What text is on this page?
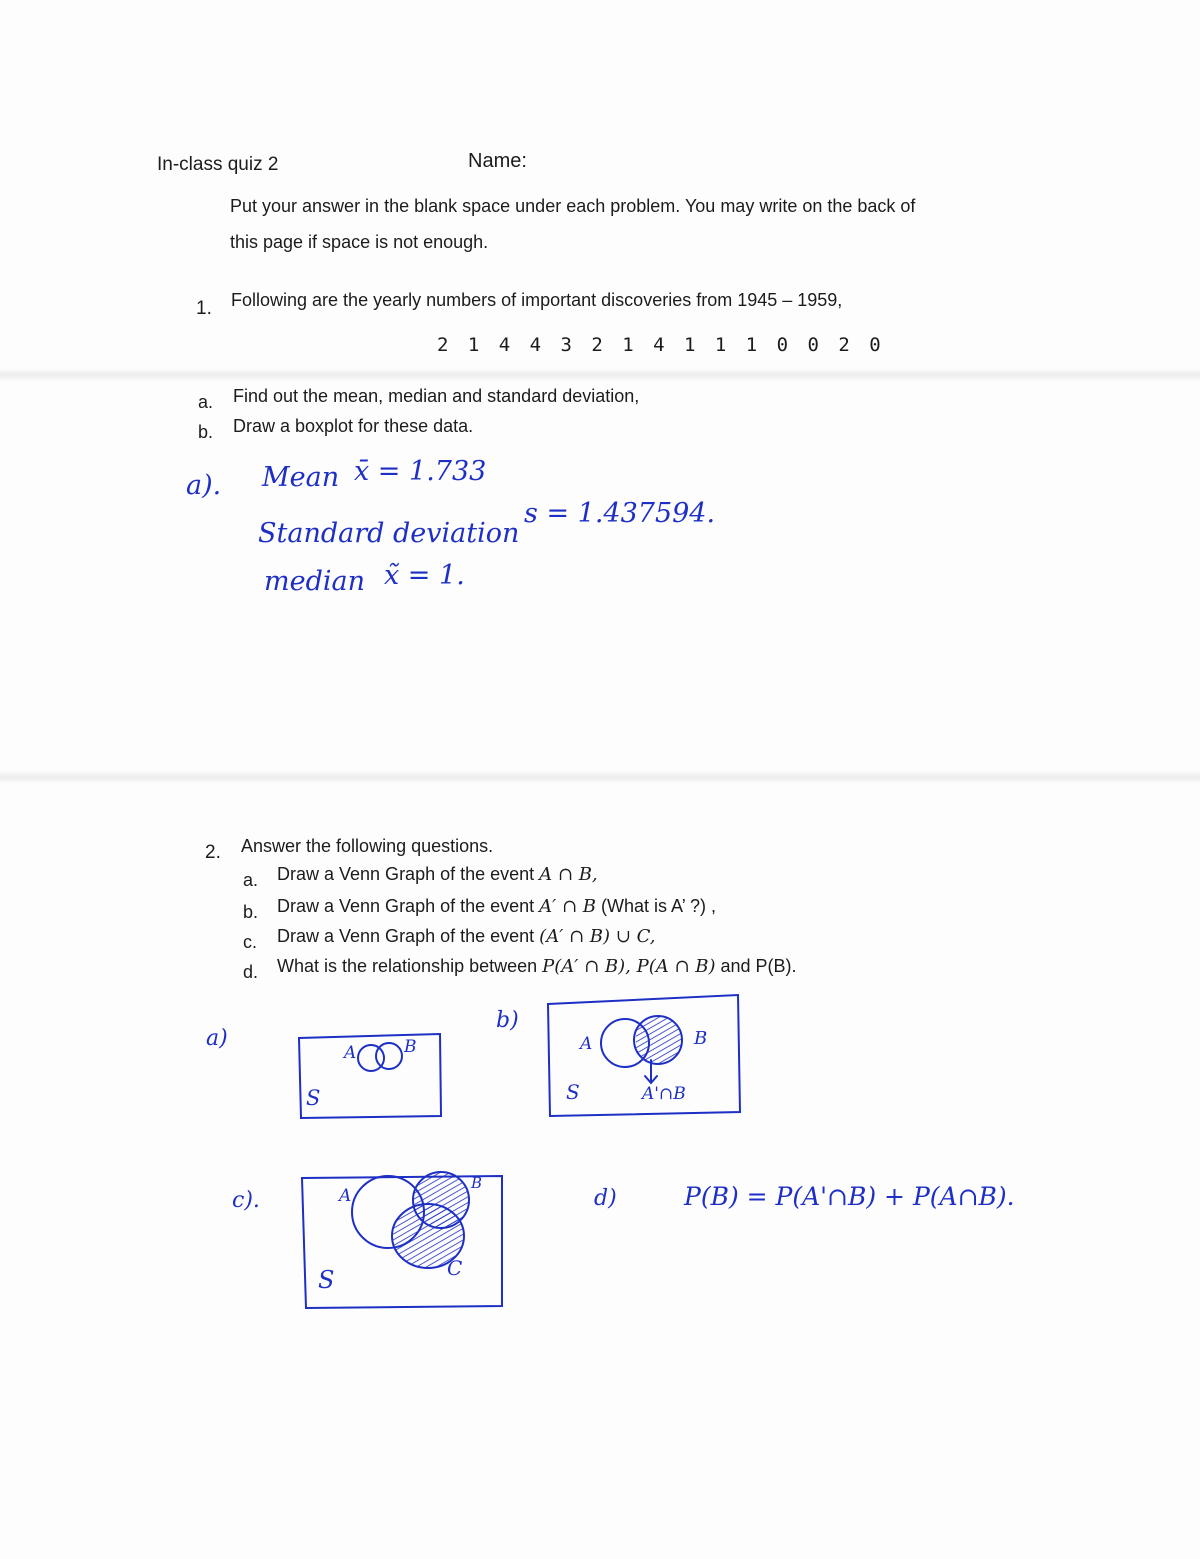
In-class quiz 2	Name:
Put your answer in the blank space under each problem. You may write on the back of
this page if space is not enough.
1. Following are the yearly numbers of important discoveries from 1945 – 1959,
2 1 4 4 3 2 1 4 1 1 1 0 0 2 0
a. Find out the mean, median and standard deviation,
b. Draw a boxplot for these data.
a). Mean x̄ = 1.733
Standard deviation
s = 1.437594.
median x̃ = 1.
2. Answer the following questions.
a. Draw a Venn Graph of the event A ∩ B,
b. Draw a Venn Graph of the event A′ ∩ B (What is A’ ?) ,
c. Draw a Venn Graph of the event (A′ ∩ B) ∪ C,
d. What is the relationship between P(A′ ∩ B), P(A ∩ B) and P(B).
a)
A	B
S
b)
A	B
S	A'∩B
c).	A
B
C
S
d)	P(B) = P(A'∩B) + P(A∩B).
